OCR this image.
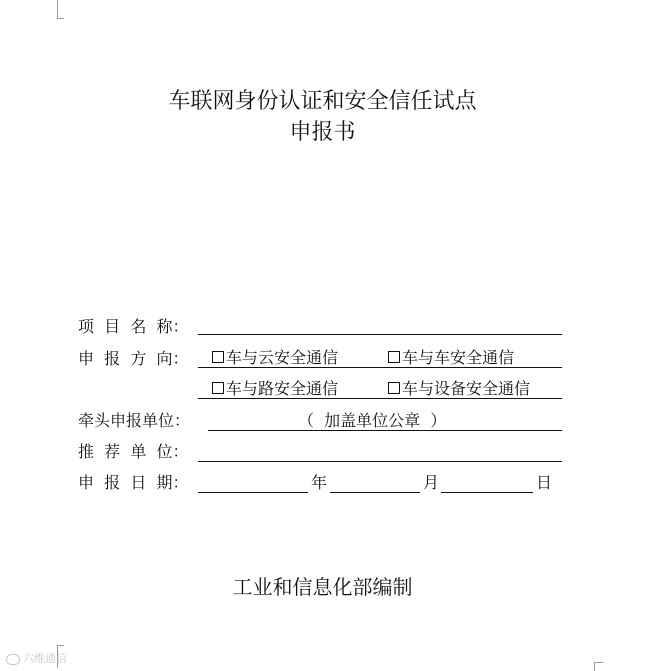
车联网身份认证和安全信任试点
申报书
项  目  名  称：
申  报  方  向： 车与云安全通信	车与车安全通信
车与路安全通信	车与设备安全通信
牵头申报单位：	（  加盖单位公章  ）
推  荐  单  位：
申  报  日  期：	年	月	日
工业和信息化部编制
六维通信
